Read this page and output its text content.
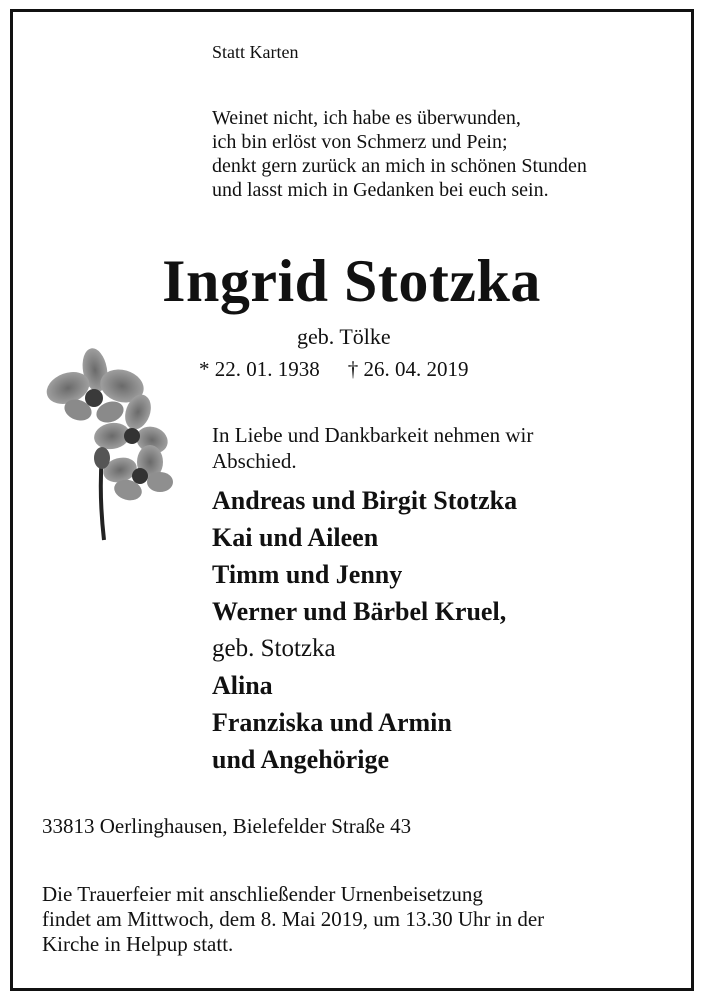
Statt Karten
Weinet nicht, ich habe es überwunden,
ich bin erlöst von Schmerz und Pein;
denkt gern zurück an mich in schönen Stunden
und lasst mich in Gedanken bei euch sein.
Ingrid Stotzka
geb. Tölke
* 22. 01. 1938 † 26. 04. 2019
In Liebe und Dankbarkeit nehmen wir
Abschied.
Andreas und Birgit Stotzka
Kai und Aileen
Timm und Jenny
Werner und Bärbel Kruel,
geb. Stotzka
Alina
Franziska und Armin
und Angehörige
33813 Oerlinghausen, Bielefelder Straße 43
Die Trauerfeier mit anschließender Urnenbeisetzung
findet am Mittwoch, dem 8. Mai 2019, um 13.30 Uhr in der
Kirche in Helpup statt.
